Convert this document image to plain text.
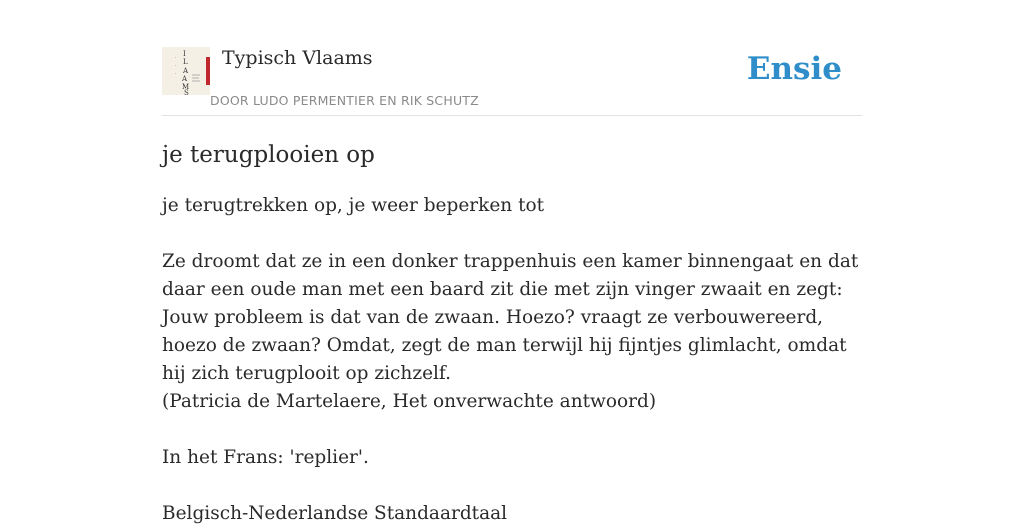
I
L
A
A
M
S
·
·
·
Typisch Vlaams
DOOR LUDO PERMENTIER EN RIK SCHUTZ
Ensie
je terugplooien op
je terugtrekken op, je weer beperken tot

Ze droomt dat ze in een donker trappenhuis een kamer binnengaat en dat daar een oude man met een baard zit die met zijn vinger zwaait en zegt: Jouw probleem is dat van de zwaan. Hoezo? vraagt ze verbouwereerd, hoezo de zwaan? Omdat, zegt de man terwijl hij fijntjes glimlacht, omdat hij zich terugplooit op zichzelf.
(Patricia de Martelaere, Het onverwachte antwoord)

In het Frans: 'replier'.

Belgisch-Nederlandse Standaardtaal
